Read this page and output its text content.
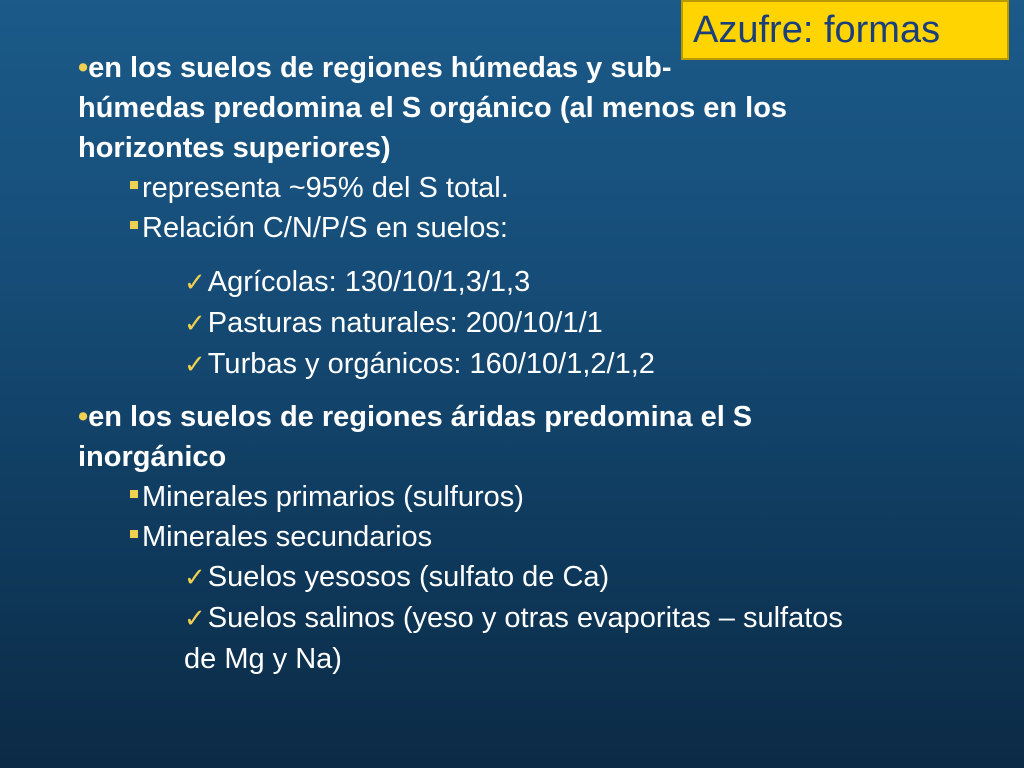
Azufre: formas

•en los suelos de regiones húmedas y sub-

húmedas predomina el S orgánico (al menos en los

horizontes superiores)

representa ~95% del S total.

Relación C/N/P/S en suelos:

✓Agrícolas: 130/10/1,3/1,3

✓Pasturas naturales: 200/10/1/1

✓Turbas y orgánicos: 160/10/1,2/1,2

•en los suelos de regiones áridas predomina el S

inorgánico

Minerales primarios (sulfuros)

Minerales secundarios

✓Suelos yesosos (sulfato de Ca)

✓Suelos salinos (yeso y otras evaporitas – sulfatos

de Mg y Na)
